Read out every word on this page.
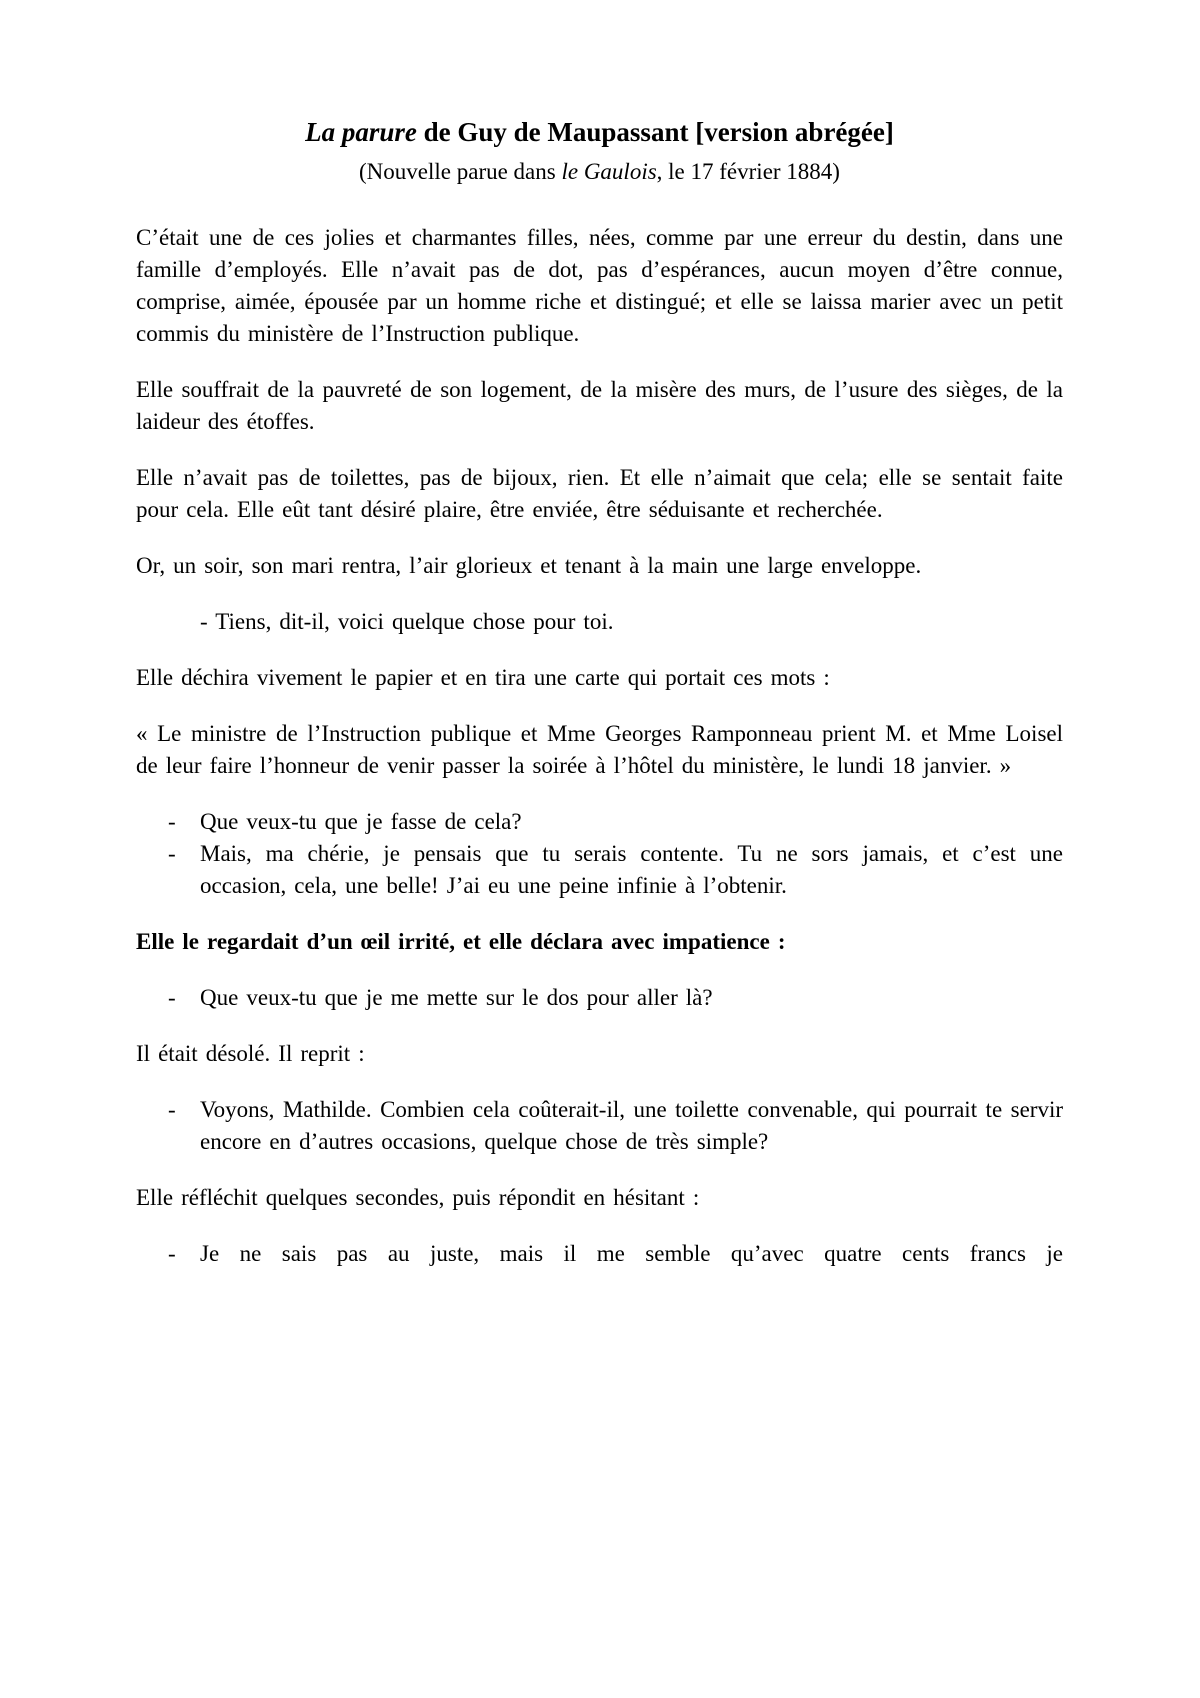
La parure de Guy de Maupassant [version abrégée]

(Nouvelle parue dans le Gaulois, le 17 février 1884)

C’était une de ces jolies et charmantes filles, nées, comme par une erreur du destin, dans une famille d’employés. Elle n’avait pas de dot, pas d’espérances, aucun moyen d’être connue, comprise, aimée, épousée par un homme riche et distingué; et elle se laissa marier avec un petit commis du ministère de l’Instruction publique.

Elle souffrait de la pauvreté de son logement, de la misère des murs, de l’usure des sièges, de la laideur des étoffes.

Elle n’avait pas de toilettes, pas de bijoux, rien. Et elle n’aimait que cela; elle se sentait faite pour cela. Elle eût tant désiré plaire, être enviée, être séduisante et recherchée.

Or, un soir, son mari rentra, l’air glorieux et tenant à la main une large enveloppe.

- Tiens, dit-il, voici quelque chose pour toi.

Elle déchira vivement le papier et en tira une carte qui portait ces mots :

« Le ministre de l’Instruction publique et Mme Georges Ramponneau prient M. et Mme Loisel de leur faire l’honneur de venir passer la soirée à l’hôtel du ministère, le lundi 18 janvier. »

- Que veux-tu que je fasse de cela?

- Mais, ma chérie, je pensais que tu serais contente. Tu ne sors jamais, et c’est une occasion, cela, une belle! J’ai eu une peine infinie à l’obtenir.

Elle le regardait d’un œil irrité, et elle déclara avec impatience :

- Que veux-tu que je me mette sur le dos pour aller là?

Il était désolé. Il reprit :

- Voyons, Mathilde. Combien cela coûterait-il, une toilette convenable, qui pourrait te servir encore en d’autres occasions, quelque chose de très simple?

Elle réfléchit quelques secondes, puis répondit en hésitant :

- Je ne sais pas au juste, mais il me semble qu’avec quatre cents francs je
